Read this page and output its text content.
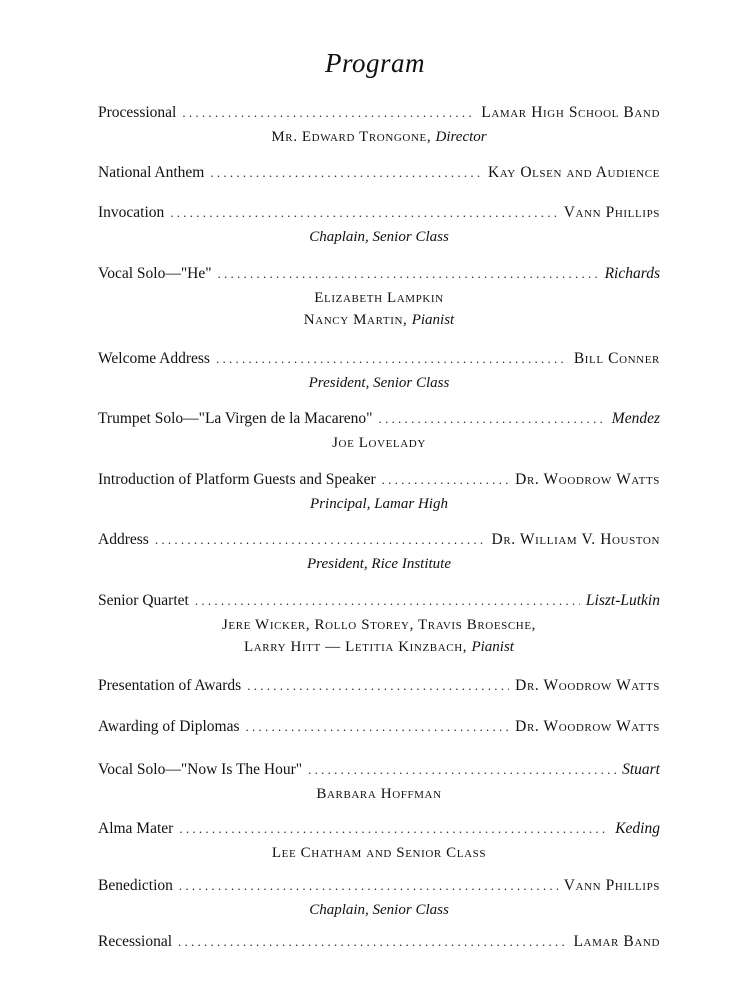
Program
Processional . . .	Lamar High School Band
Mr. Edward Trongone, Director
National Anthem . . .	Kay Olsen and Audience
Invocation . . .	Vann Phillips
Chaplain, Senior Class
Vocal Solo—"He" . . .	Richards
Elizabeth Lampkin
Nancy Martin, Pianist
Welcome Address . . .	Bill Conner
President, Senior Class
Trumpet Solo—"La Virgen de la Macareno" . . .	Mendez
Joe Lovelady
Introduction of Platform Guests and Speaker . . .	Dr. Woodrow Watts
Principal, Lamar High
Address . . .	Dr. William V. Houston
President, Rice Institute
Senior Quartet . . .	Liszt-Lutkin
Jere Wicker, Rollo Storey, Travis Broesche,
Larry Hitt — Letitia Kinzbach, Pianist
Presentation of Awards . . .	Dr. Woodrow Watts
Awarding of Diplomas . . .	Dr. Woodrow Watts
Vocal Solo—"Now Is The Hour" . . .	Stuart
Barbara Hoffman
Alma Mater . . .	Keding
Lee Chatham and Senior Class
Benediction . . .	Vann Phillips
Chaplain, Senior Class
Recessional . . .	Lamar Band
